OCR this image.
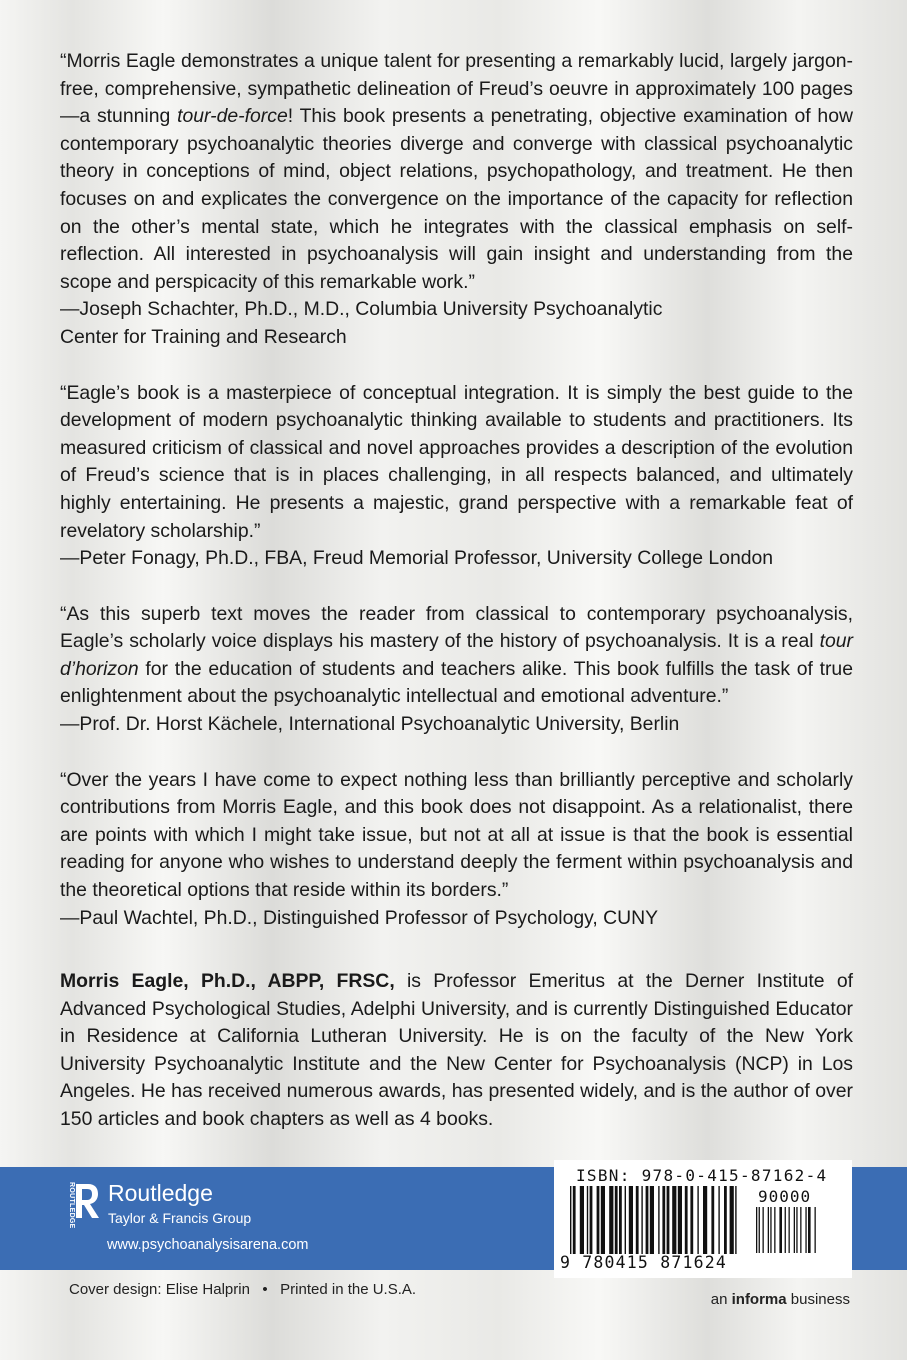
“Morris Eagle demonstrates a unique talent for presenting a remarkably lucid, largely jargon-free, comprehensive, sympathetic delineation of Freud’s oeuvre in approximately 100 pages—a stunning tour-de-force! This book presents a penetrating, objective examination of how contemporary psychoanalytic theories diverge and converge with classical psychoanalytic theory in conceptions of mind, object relations, psychopathology, and treatment. He then focuses on and explicates the convergence on the importance of the capacity for reflection on the other’s mental state, which he integrates with the classical emphasis on self-reflection. All interested in psychoanalysis will gain insight and understanding from the scope and perspicacity of this remarkable work.”

—Joseph Schachter, Ph.D., M.D., Columbia University Psychoanalytic
Center for Training and Research

“Eagle’s book is a masterpiece of conceptual integration. It is simply the best guide to the development of modern psychoanalytic thinking available to students and practitioners. Its measured criticism of classical and novel approaches provides a description of the evolution of Freud’s science that is in places challenging, in all respects balanced, and ultimately highly entertaining. He presents a majestic, grand perspective with a remarkable feat of revelatory scholarship.”

—Peter Fonagy, Ph.D., FBA, Freud Memorial Professor, University College London

“As this superb text moves the reader from classical to contemporary psychoanalysis, Eagle’s scholarly voice displays his mastery of the history of psychoanalysis. It is a real tour d’horizon for the education of students and teachers alike. This book fulfills the task of true enlightenment about the psychoanalytic intellectual and emotional adventure.”

—Prof. Dr. Horst Kächele, International Psychoanalytic University, Berlin

“Over the years I have come to expect nothing less than brilliantly perceptive and scholarly contributions from Morris Eagle, and this book does not disappoint. As a relationalist, there are points with which I might take issue, but not at all at issue is that the book is essential reading for anyone who wishes to understand deeply the ferment within psychoanalysis and the theoretical options that reside within its borders.”

—Paul Wachtel, Ph.D., Distinguished Professor of Psychology, CUNY

Morris Eagle, Ph.D., ABPP, FRSC, is Professor Emeritus at the Derner Institute of Advanced Psychological Studies, Adelphi University, and is currently Distinguished Educator in Residence at California Lutheran University. He is on the faculty of the New York University Psychoanalytic Institute and the New Center for Psychoanalysis (NCP) in Los Angeles. He has received numerous awards, has presented widely, and is the author of over 150 articles and book chapters as well as 4 books.

ROUTLEDGE Routledge
Taylor & Francis Group
www.psychoanalysisarena.com
ISBN: 978-0-415-87162-4
90000
9 780415 871624
Cover design: Elise Halprin   •   Printed in the U.S.A.
an informa business
